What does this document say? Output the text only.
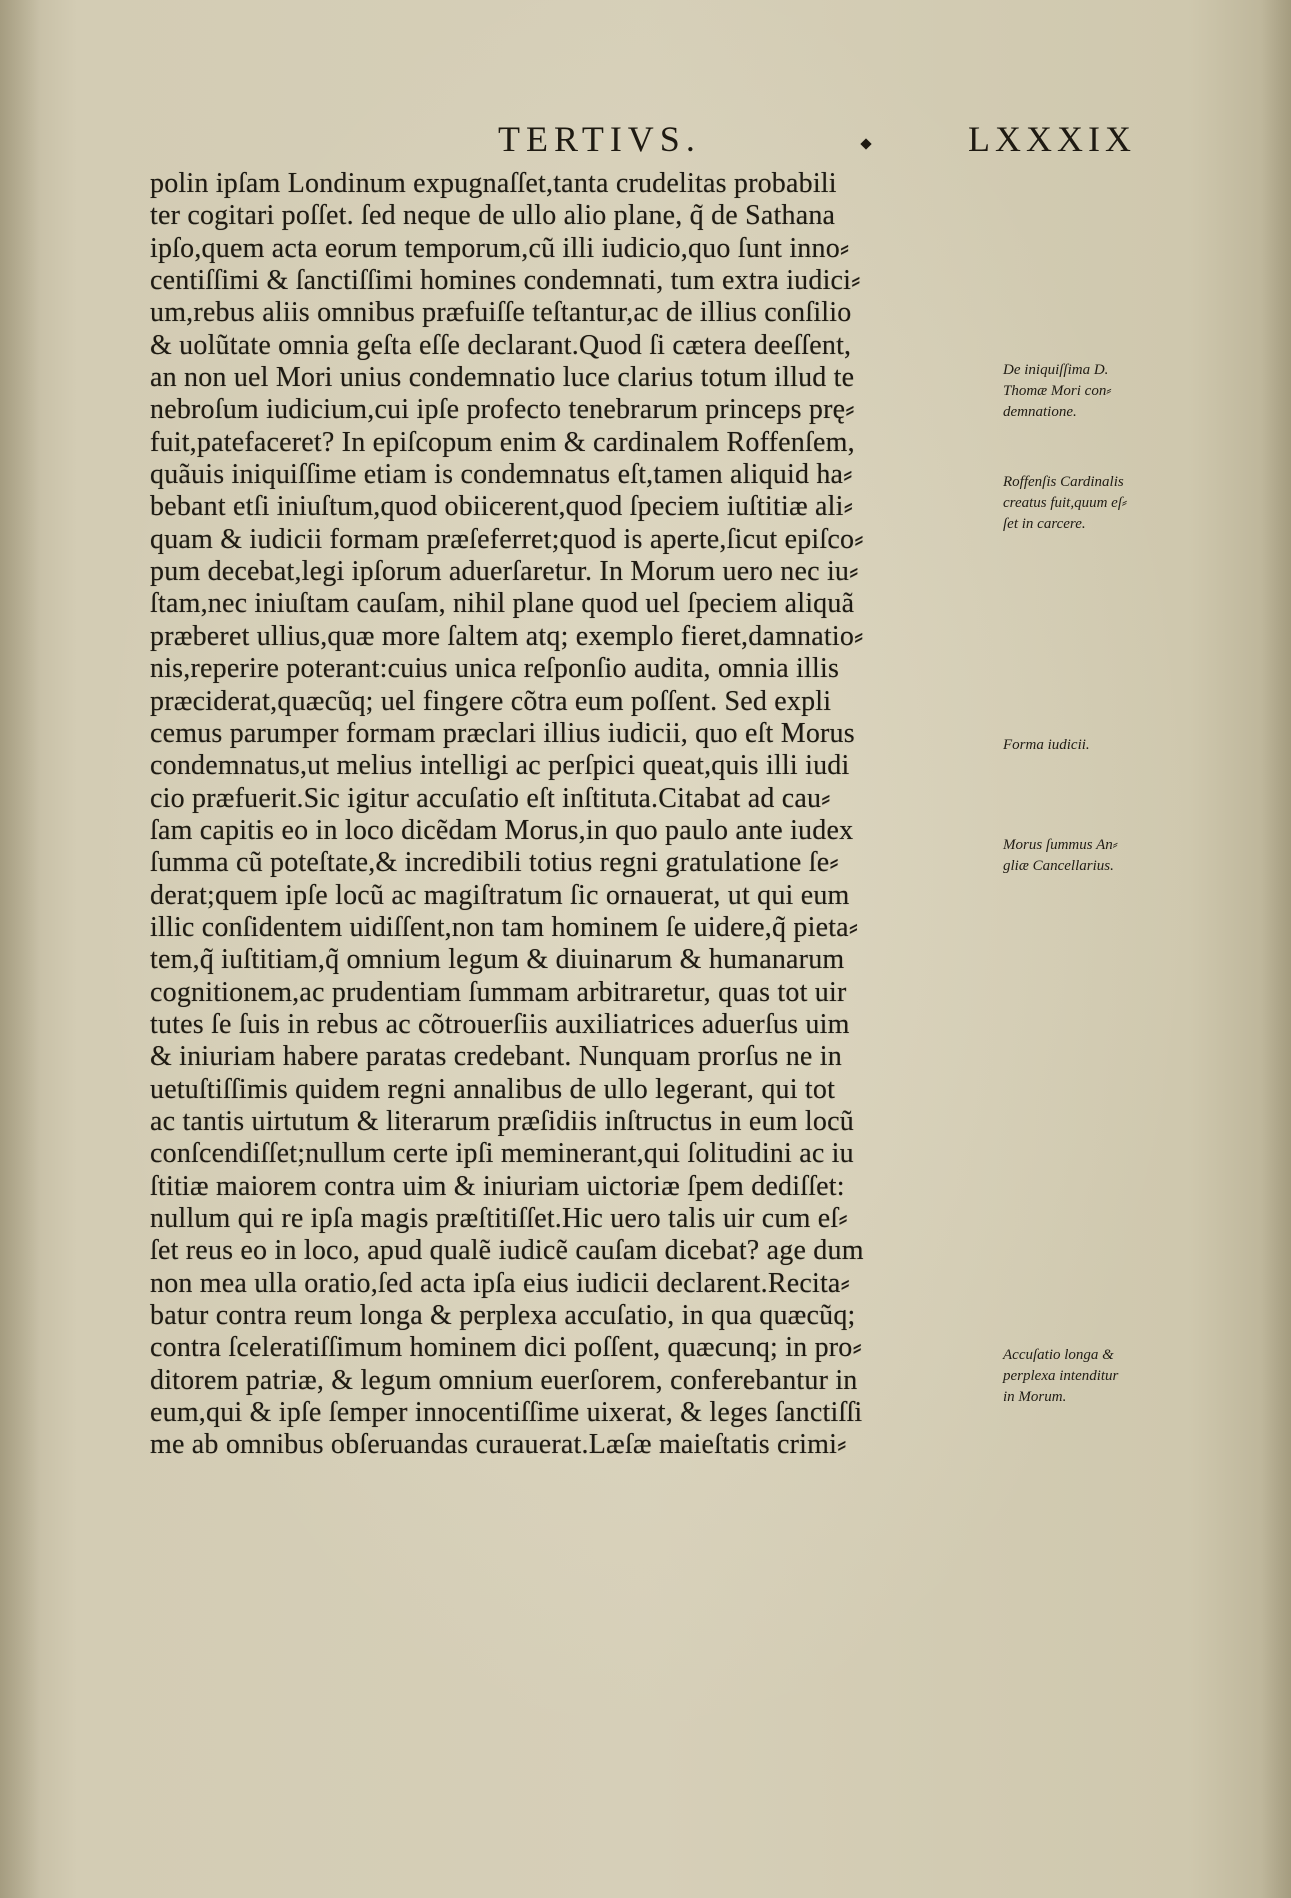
TERTIVS.	LXXXIX
polin ipſam Londinum expugnaſſet,tanta crudelitas probabili
ter cogitari poſſet. ſed neque de ullo alio plane, q̃ de Sathana
ipſo,quem acta eorum temporum,cũ illi iudicio,quo ſunt inno⸗
centiſſimi & ſanctiſſimi homines condemnati, tum extra iudici⸗
um,rebus aliis omnibus præfuiſſe teſtantur,ac de illius conſilio
& uolũtate omnia geſta eſſe declarant.Quod ſi cætera deeſſent,
an non uel Mori unius condemnatio luce clarius totum illud te
nebroſum iudicium,cui ipſe profecto tenebrarum princeps prę⸗
fuit,patefaceret? In epiſcopum enim & cardinalem Roffenſem,
quãuis iniquiſſime etiam is condemnatus eſt,tamen aliquid ha⸗
bebant etſi iniuſtum,quod obiicerent,quod ſpeciem iuſtitiæ ali⸗
quam & iudicii formam præſeferret;quod is aperte,ſicut epiſco⸗
pum decebat,legi ipſorum aduerſaretur. In Morum uero nec iu⸗
ſtam,nec iniuſtam cauſam, nihil plane quod uel ſpeciem aliquã
præberet ullius,quæ more ſaltem atq; exemplo fieret,damnatio⸗
nis,reperire poterant:cuius unica reſponſio audita, omnia illis
præciderat,quæcũq; uel fingere cõtra eum poſſent. Sed expli
cemus parumper formam præclari illius iudicii, quo eſt Morus
condemnatus,ut melius intelligi ac perſpici queat,quis illi iudi
cio præfuerit.Sic igitur accuſatio eſt inſtituta.Citabat ad cau⸗
ſam capitis eo in loco dicẽdam Morus,in quo paulo ante iudex
ſumma cũ poteſtate,& incredibili totius regni gratulatione ſe⸗
derat;quem ipſe locũ ac magiſtratum ſic ornauerat, ut qui eum
illic conſidentem uidiſſent,non tam hominem ſe uidere,q̃ pieta⸗
tem,q̃ iuſtitiam,q̃ omnium legum & diuinarum & humanarum
cognitionem,ac prudentiam ſummam arbitraretur, quas tot uir
tutes ſe ſuis in rebus ac cõtrouerſiis auxiliatrices aduerſus uim
& iniuriam habere paratas credebant. Nunquam prorſus ne in
uetuſtiſſimis quidem regni annalibus de ullo legerant, qui tot
ac tantis uirtutum & literarum præſidiis inſtructus in eum locũ
conſcendiſſet;nullum certe ipſi meminerant,qui ſolitudini ac iu
ſtitiæ maiorem contra uim & iniuriam uictoriæ ſpem dediſſet:
nullum qui re ipſa magis præſtitiſſet.Hic uero talis uir cum eſ⸗
ſet reus eo in loco, apud qualẽ iudicẽ cauſam dicebat? age dum
non mea ulla oratio,ſed acta ipſa eius iudicii declarent.Recita⸗
batur contra reum longa & perplexa accuſatio, in qua quæcũq;
contra ſceleratiſſimum hominem dici poſſent, quæcunq; in pro⸗
ditorem patriæ, & legum omnium euerſorem, conferebantur in
eum,qui & ipſe ſemper innocentiſſime uixerat, & leges ſanctiſſi
me ab omnibus obſeruandas curauerat.Læſæ maieſtatis crimi⸗
De iniquiſſima D.
Thomæ Mori con⸗
demnatione.
Roffenſis Cardinalis
creatus fuit,quum eſ⸗
ſet in carcere.
Forma iudicii.
Morus ſummus An⸗
gliæ Cancellarius.
Accuſatio longa &
perplexa intenditur
in Morum.
